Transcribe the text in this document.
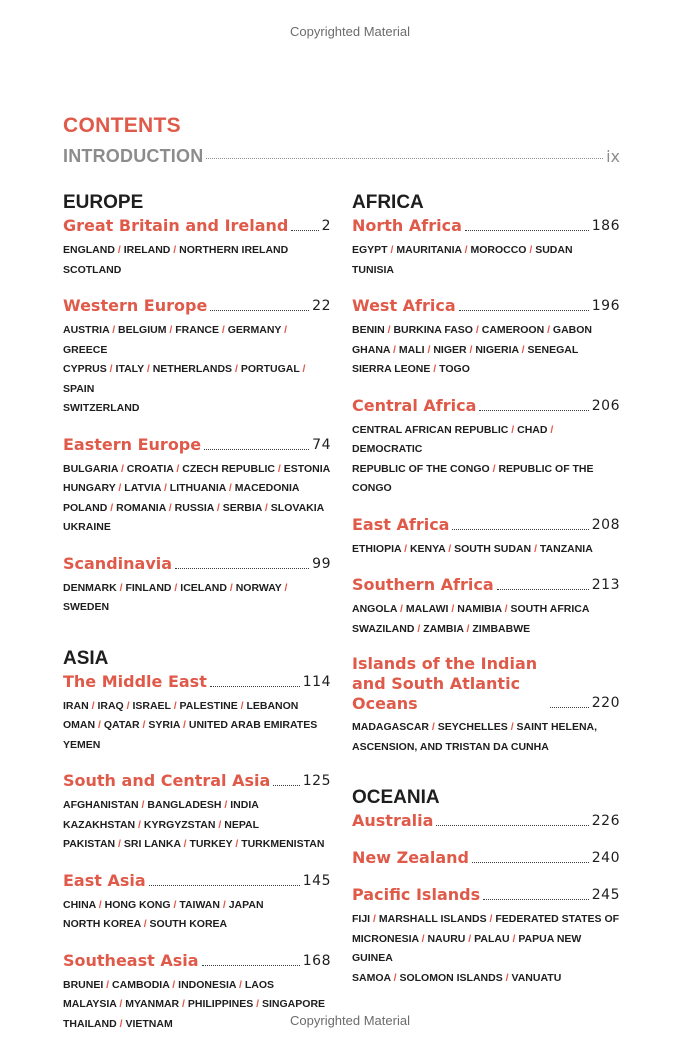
Copyrighted Material
CONTENTS
INTRODUCTION	ix
EUROPE
Great Britain and Ireland 2
ENGLAND / IRELAND / NORTHERN IRELAND
SCOTLAND
Western Europe	22
AUSTRIA / BELGIUM / FRANCE / GERMANY / GREECE
CYPRUS / ITALY / NETHERLANDS / PORTUGAL / SPAIN
SWITZERLAND
Eastern Europe	74
BULGARIA / CROATIA / CZECH REPUBLIC / ESTONIA
HUNGARY / LATVIA / LITHUANIA / MACEDONIA
POLAND / ROMANIA / RUSSIA / SERBIA / SLOVAKIA
UKRAINE
Scandinavia	99
DENMARK / FINLAND / ICELAND / NORWAY / SWEDEN
ASIA
The Middle East	114
IRAN / IRAQ / ISRAEL / PALESTINE / LEBANON
OMAN / QATAR / SYRIA / UNITED ARAB EMIRATES
YEMEN
South and Central Asia 125
AFGHANISTAN / BANGLADESH / INDIA
KAZAKHSTAN / KYRGYZSTAN / NEPAL
PAKISTAN / SRI LANKA / TURKEY / TURKMENISTAN
East Asia	145
CHINA / HONG KONG / TAIWAN / JAPAN
NORTH KOREA / SOUTH KOREA
Southeast Asia	168
BRUNEI / CAMBODIA / INDONESIA / LAOS
MALAYSIA / MYANMAR / PHILIPPINES / SINGAPORE
THAILAND / VIETNAM
AFRICA
North Africa	186
EGYPT / MAURITANIA / MOROCCO / SUDAN
TUNISIA
West Africa	196
BENIN / BURKINA FASO / CAMEROON / GABON
GHANA / MALI / NIGER / NIGERIA / SENEGAL
SIERRA LEONE / TOGO
Central Africa	206
CENTRAL AFRICAN REPUBLIC / CHAD / DEMOCRATIC
REPUBLIC OF THE CONGO / REPUBLIC OF THE CONGO
East Africa	208
ETHIOPIA / KENYA / SOUTH SUDAN / TANZANIA
Southern Africa	213
ANGOLA / MALAWI / NAMIBIA / SOUTH AFRICA
SWAZILAND / ZAMBIA / ZIMBABWE
Islands of the Indian and South Atlantic Oceans	220
MADAGASCAR / SEYCHELLES / SAINT HELENA,
ASCENSION, AND TRISTAN DA CUNHA
OCEANIA
Australia	226
New Zealand	240
Pacific Islands	245
FIJI / MARSHALL ISLANDS / FEDERATED STATES OF
MICRONESIA / NAURU / PALAU / PAPUA NEW GUINEA
SAMOA / SOLOMON ISLANDS / VANUATU
Copyrighted Material
